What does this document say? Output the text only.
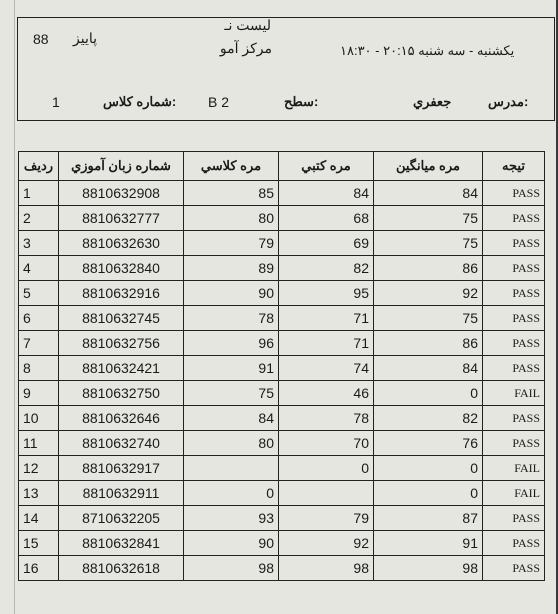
88 پاییز
لیست نـ
مرکز آمو	یکشنبه - سه شنبه ۲۰:۱۵ - ۱۸:۳۰
1	شماره کلاس: B 2	سطح:	جعفري	مدرس:
ردیف	شماره زبان آموزي	مره كلاسي	مره كتبي	مره میانگین	تیجه
1	8810632908	85	84	84	PASS
2	8810632777	80	68	75	PASS
3	8810632630	79	69	75	PASS
4	8810632840	89	82	86	PASS
5	8810632916	90	95	92	PASS
6	8810632745	78	71	75	PASS
7	8810632756	96	71	86	PASS
8	8810632421	91	74	84	PASS
9	8810632750	75	46	0	FAIL
10	8810632646	84	78	82	PASS
11	8810632740	80	70	76	PASS
12	8810632917		0	0	FAIL
13	8810632911	0		0	FAIL
14	8710632205	93	79	87	PASS
15	8810632841	90	92	91	PASS
16	8810632618	98	98	98	PASS
